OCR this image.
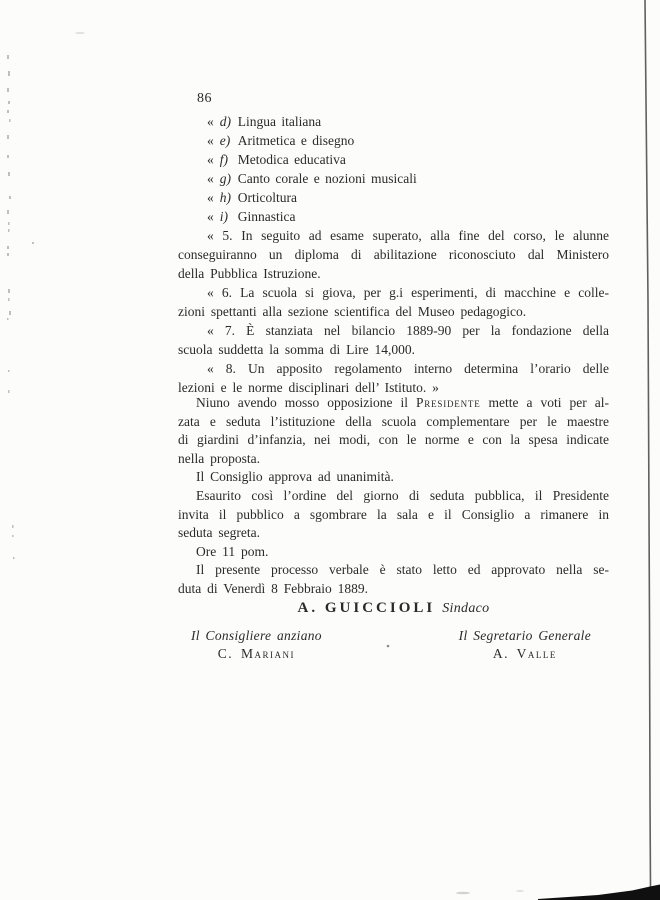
86
« d) Lingua italiana
« e) Aritmetica e disegno
« f) Metodica educativa
« g) Canto corale e nozioni musicali
« h) Orticoltura
« i) Ginnastica
« 5. In seguito ad esame superato, alla fine del corso, le alunne
conseguiranno un diploma di abilitazione riconosciuto dal Ministero
della Pubblica Istruzione.
« 6. La scuola si giova, per g.i esperimenti, di macchine e colle-
zioni spettanti alla sezione scientifica del Museo pedagogico.
« 7. È stanziata nel bilancio 1889-90 per la fondazione della
scuola suddetta la somma di Lire 14,000.
« 8. Un apposito regolamento interno determina l’orario delle
lezioni e le norme disciplinari dell’ Istituto. »
Niuno avendo mosso opposizione il Presidente mette a voti per al-
zata e seduta l’istituzione della scuola complementare per le maestre
di giardini d’infanzia, nei modi, con le norme e con la spesa indicate
nella proposta.
Il Consiglio approva ad unanimità.
Esaurito così l’ordine del giorno di seduta pubblica, il Presidente
invita il pubblico a sgombrare la sala e il Consiglio a rimanere in
seduta segreta.
Ore 11 pom.
Il presente processo verbale è stato letto ed approvato nella se-
duta di Venerdì 8 Febbraio 1889.
A. GUICCIOLI Sindaco
Il Consigliere anziano
C. Mariani
Il Segretario Generale
A. Valle
